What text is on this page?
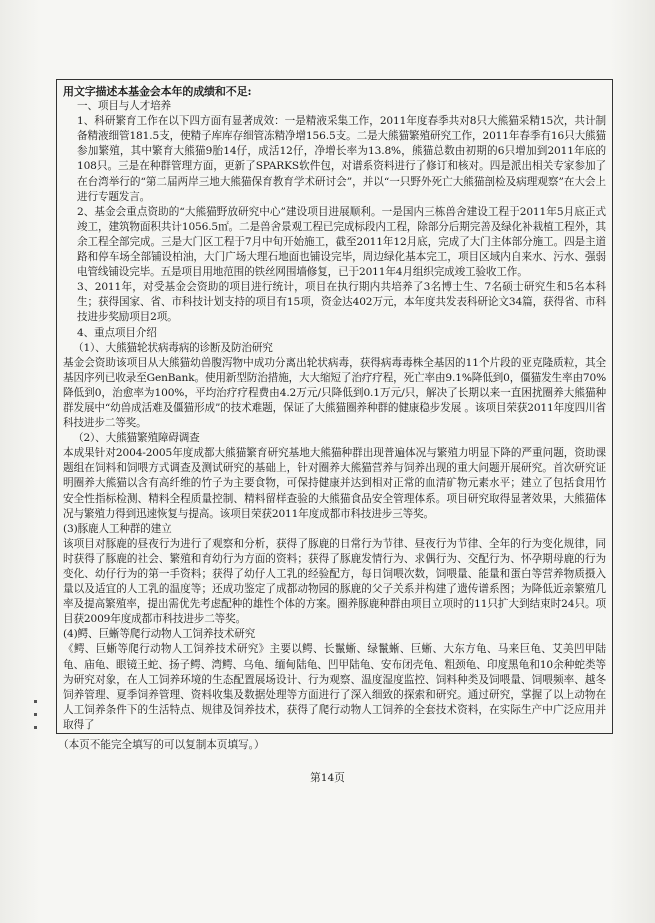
用文字描述本基金会本年的成绩和不足:

一、项目与人才培养

1、科研繁育工作在以下四方面有显著成效：一是精液采集工作，2011年度春季共对8只大熊猫采精15次，共计制备精液细管181.5支，使精子库库存细管冻精净增156.5支。二是大熊猫繁殖研究工作，2011年春季有16只大熊猫参加繁殖，其中繁育大熊猫9胎14仔，成活12仔，净增长率为13.8%，熊猫总数由初期的6只增加到2011年底的108只。三是在种群管理方面，更新了SPARKS软件包，对谱系资料进行了修订和核对。四是派出相关专家参加了在台湾举行的“第二届两岸三地大熊猫保育教育学术研讨会”，并以“一只野外死亡大熊猫剖检及病理观察”在大会上进行专题发言。

2、基金会重点资助的“大熊猫野放研究中心”建设项目进展顺利。一是国内三栋兽舍建设工程于2011年5月底正式竣工，建筑物面积共计1056.5㎡。二是兽舍景观工程已完成标段内工程，除部分后期完善及绿化补栽植工程外，其余工程全部完成。三是大门区工程于7月中旬开始施工，截至2011年12月底，完成了大门主体部分施工。四是主道路和停车场全部铺设柏油，大门广场大理石地面也铺设完毕，周边绿化基本完工，项目区域内自来水、污水、强弱电管线铺设完毕。五是项目用地范围的铁丝网围墙修复，已于2011年4月组织完成竣工验收工作。

3、2011年，对受基金会资助的项目进行统计，项目在执行期内共培养了3名博士生、7名硕士研究生和5名本科生；获得国家、省、市科技计划支持的项目有15项，资金达402万元，本年度共发表科研论文34篇，获得省、市科技进步奖励项目2项。

4、重点项目介绍

（1）、大熊猫轮状病毒病的诊断及防治研究

基金会资助该项目从大熊猫幼兽腹泻物中成功分离出轮状病毒，获得病毒毒株全基因的11个片段的亚克隆质粒，其全基因序列已收录至GenBank。使用新型防治措施，大大缩短了治疗疗程，死亡率由9.1%降低到0，僵猫发生率由70%降低到0，治愈率为100%，平均治疗疗程费由4.2万元/只降低到0.1万元/只，解决了长期以来一直困扰圈养大熊猫种群发展中“幼兽成活难及僵猫形成”的技术难题，保证了大熊猫圈养种群的健康稳步发展 。该项目荣获2011年度四川省科技进步二等奖。

（2）、大熊猫繁殖障碍调查

本成果针对2004-2005年度成都大熊猫繁育研究基地大熊猫种群出现普遍体况与繁殖力明显下降的严重问题，资助课题组在饲料和饲喂方式调查及测试研究的基础上，针对圈养大熊猫营养与饲养出现的重大问题开展研究。首次研究证明圈养大熊猫以含有高纤维的竹子为主要食物，可保持健康并达到相对正常的血清矿物元素水平；建立了包括食用竹安全性指标检测、精料全程质量控制、精料留样查验的大熊猫食品安全管理体系。项目研究取得显著效果，大熊猫体况与繁殖力得到迅速恢复与提高。该项目荣获2011年度成都市科技进步三等奖。

(3)豚鹿人工种群的建立

该项目对豚鹿的昼夜行为进行了观察和分析，获得了豚鹿的日常行为节律、昼夜行为节律、全年的行为变化规律，同时获得了豚鹿的社会、繁殖和育幼行为方面的资料；获得了豚鹿发情行为、求偶行为、交配行为、怀孕期母鹿的行为变化、幼仔行为的第一手资料；获得了幼仔人工乳的经验配方，每日饲喂次数，饲喂量、能量和蛋白等营养物质摄入量以及适宜的人工乳的温度等；还成功鉴定了成都动物园的豚鹿的父子关系并构建了遗传谱系图；为降低近亲繁殖几率及提高繁殖率，提出需优先考虑配种的雄性个体的方案。圈养豚鹿种群由项目立项时的11只扩大到结束时24只。项目获2009年度成都市科技进步二等奖。

(4)鳄、巨蜥等爬行动物人工饲养技术研究

《鳄、巨蜥等爬行动物人工饲养技术研究》主要以鳄、长鬣蜥、绿鬣蜥、巨蜥、大东方龟、马来巨龟、艾美凹甲陆龟、庙龟、眼镜王蛇、扬子鳄、湾鳄、乌龟、缅甸陆龟、凹甲陆龟、安布闭壳龟、粗颈龟、印度黑龟和10余种蛇类等为研究对象，在人工饲养环境的生态配置展场设计、行为观察、温度湿度监控、饲料种类及饲喂量、饲喂频率、越冬饲养管理、夏季饲养管理、资料收集及数据处理等方面进行了深入细致的探索和研究。通过研究，掌握了以上动物在人工饲养条件下的生活特点、规律及饲养技术，获得了爬行动物人工饲养的全套技术资料，在实际生产中广泛应用并取得了

（本页不能完全填写的可以复制本页填写。）
第14页
